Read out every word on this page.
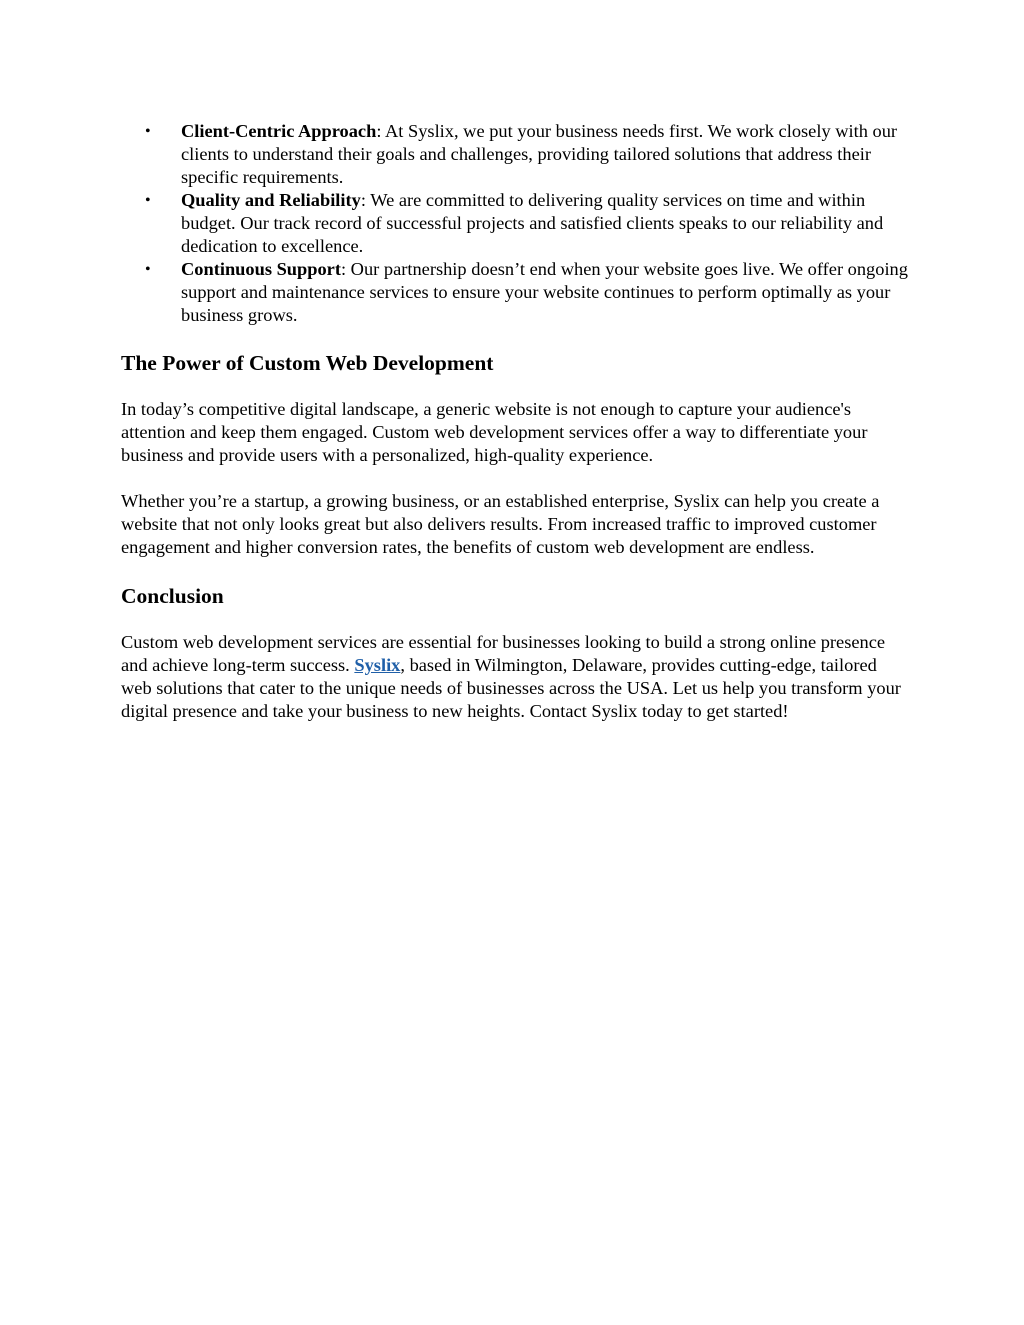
• Client-Centric Approach: At Syslix, we put your business needs first. We work closely with our clients to understand their goals and challenges, providing tailored solutions that address their specific requirements.
• Quality and Reliability: We are committed to delivering quality services on time and within budget. Our track record of successful projects and satisfied clients speaks to our reliability and dedication to excellence.
• Continuous Support: Our partnership doesn’t end when your website goes live. We offer ongoing support and maintenance services to ensure your website continues to perform optimally as your business grows.
The Power of Custom Web Development

In today’s competitive digital landscape, a generic website is not enough to capture your audience's attention and keep them engaged. Custom web development services offer a way to differentiate your business and provide users with a personalized, high-quality experience.

Whether you’re a startup, a growing business, or an established enterprise, Syslix can help you create a website that not only looks great but also delivers results. From increased traffic to improved customer engagement and higher conversion rates, the benefits of custom web development are endless.

Conclusion

Custom web development services are essential for businesses looking to build a strong online presence and achieve long-term success. Syslix, based in Wilmington, Delaware, provides cutting-edge, tailored web solutions that cater to the unique needs of businesses across the USA. Let us help you transform your digital presence and take your business to new heights. Contact Syslix today to get started!
